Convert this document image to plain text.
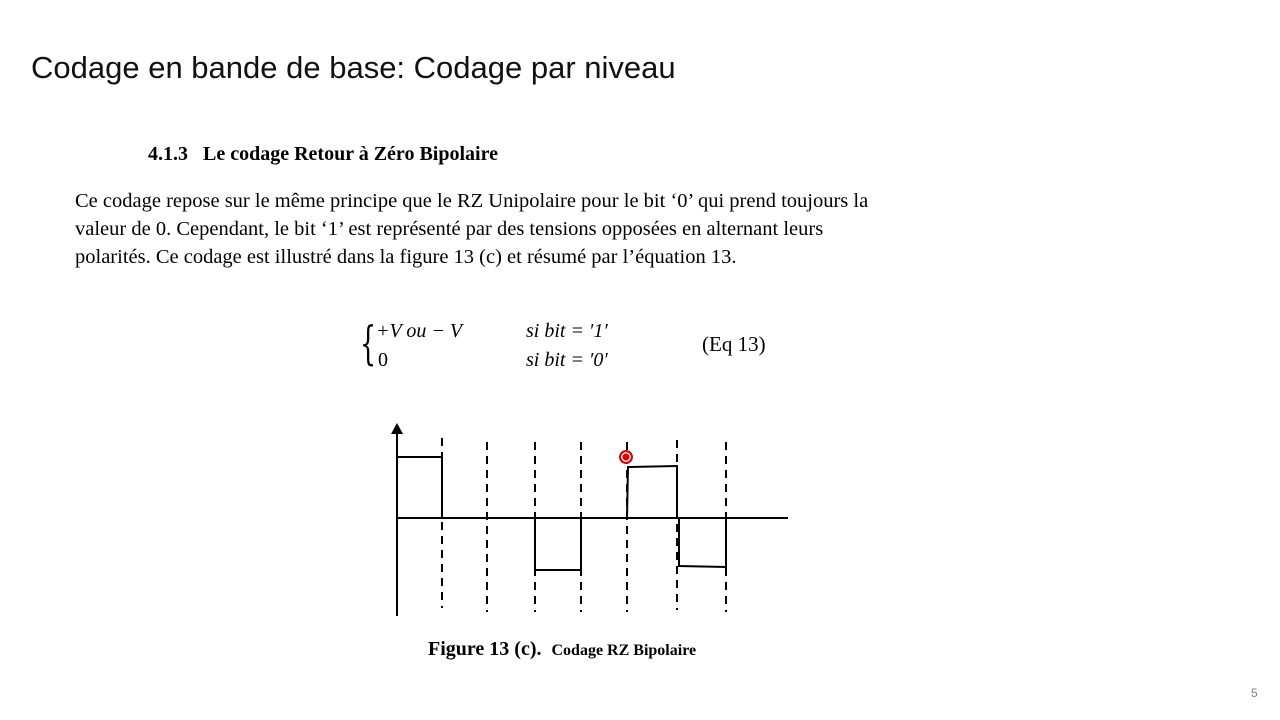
Codage en bande de base: Codage par niveau
4.1.3 Le codage Retour à Zéro Bipolaire
Ce codage repose sur le même principe que le RZ Unipolaire pour le bit ‘0’ qui prend toujours la
valeur de 0. Cependant, le bit ‘1’ est représenté par des tensions opposées en alternant leurs
polarités. Ce codage est illustré dans la figure 13 (c) et résumé par l’équation 13.
{ +V ou − V	si bit = ′1′
0	si bit = ′0′
(Eq 13)
Figure 13 (c). Codage RZ Bipolaire
5
